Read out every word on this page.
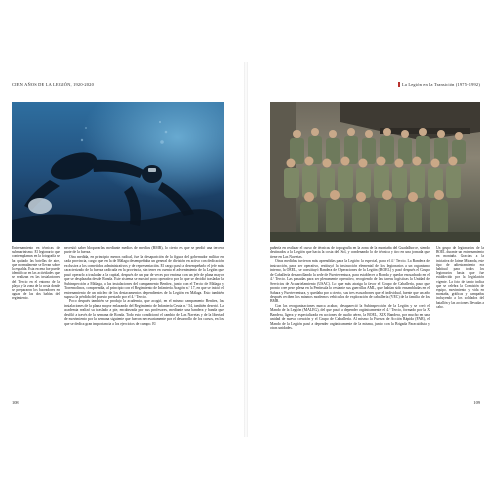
CIEN AÑOS DE LA LEGIÓN, 1920-2020
Entrenamiento en técnicas de submarinismo. El legionario que contemplamos en la fotografía se ha quitado las botellas de aire, que normalmente se llevan sobre la espalda. Esta escena fue puede identificar en las actividades que se realizan en las instalaciones del Tercio en el entorno de la playa y la zona de la costa donde se prepararon los buceadores en aguas de las dos bahías del regimiento.

necesitó saber bloquearlas mediante medios de medios (BMR), lo cierto es que se perdió una tercera parte de la fuerza.

Otra medida, en principio menos radical, fue la desaparición de la figura del gobernador militar en cada provincia, cargo que en la de Málaga desempeñaba un general de división en activo con dedicación exclusiva a los cometidos administrativos y de representación. El cargo pasó a desempeñarlo el jefe más caracterizado de la fuerza radicada en la provincia, sin tener en cuenta el advenimiento de la Legión que pasó operarlo a trasladar a la capital, después de un par de veces por encima con un jefe de plana mayor que se desplazaba desde Ronda. Este sistema se mostró poco operativo por lo que se decidió trasladar la Subinspección a Málaga, a las instalaciones del campamento Benítez, junto con el Tercio de Málaga y Torremolinos, comprendía, al principio con el Regimiento de Infantería Aragón n.º 17, en que se inició el entrenamiento de un núcleo de los destacamentos dependientes de la Legión en Málaga. Esto también supuso la pérdida del puesto prestado por el 4.º Tercio.

Poco después también se produjo la academia, que acogió, en el mismo campamento Benítez, las instalaciones de la plana mayor enlazando del Regimiento de Infantería Ceuta n.º 54, también desertó. La academia realizó su traslado a pie, encabezada por sus profesores, mediante una bandera y banda que desfiló a través de la semana de Ronda. Todo esto condicionó el cambio de Las Navetas y de la libertad de movimiento por la semana siguiente que fueron necesariamente por el desarrollo de los cursos, en los que se dedica gran importancia a los ejercicios de campo. El

108
La Legión en la Transición (1975-1992)

pañería en realizar el curso de técnicas de topografía en la zona de la montaña del Guadalhorce, siendo destinados a la Legión que hacia la costa del Sol, y condenando lo de técnica y tiro en una jornada que tiene en Las Navetas.

Otras medidas tuvieron más aprendidas para la Legión: la especial, para el 4.º Tercio. La Bandera de instrucción, para ser operativo, restituyó la instrucción elemental de los legionarios a un organismo interno, la OEEL, se constituyó Bandera de Operaciones de la Legión (BOEL) y pasó después el Grupo de Caballería desarrollando la sede de Fuerteventura, para establecer a Ronda y quedar encuadrado en el 4.º Tercio. Las pasadas para ser plenamente operativo, recogiendo de las tareas logísticas la Unidad de Servicios de Acuartelamiento (USAC). Lo que más atraiga la favor el Grupo de Caballería, paso que pronto cree pese plena en la Península lo restante sus guerrillas AML, que habían sido ensambladas en el Sahara y Fuerteventura, y quedaba por a cierto, sus tres escuadrones que el individual, fuente que un año después reciben los mismos modernos vehículos de exploración de caballería (VEC) de la familia de los BMR.

Con las reorganizaciones nunca acabar, desapareció la Subinspección de la Legión y se creó el Mando de la Legión (MALEG), del que pasó a depender orgánicamente el 4.º Tercio, formado por la X Bandera, ligera y especializada en acciones de asalto aéreo, la BOEL, XIX Bandera, por mucho en una unidad de nueva creación y el Grupo de Caballería. Al mismo la Fuerza de Acción Rápida (FAR), el Mando de la Legión pasó a depender orgánicamente de la misma, junto con la Brigada Paracaidista y otras unidades.

Un grupo de legionarios de la BOEL durante un entrenamiento en montaña. Gracias a la iniciativa de Jaime Miranda, este tipo de adiestramiento era habitual para todos los legionarios hasta que fue establecido por la legislación vigente. La foto de tanto indica que se celebra la Comisión de equipo, movimiento y vida en montaña, gráficas y campañas incluyendo a los soldados del batallón y las acciones llevadas a cabo.
109
